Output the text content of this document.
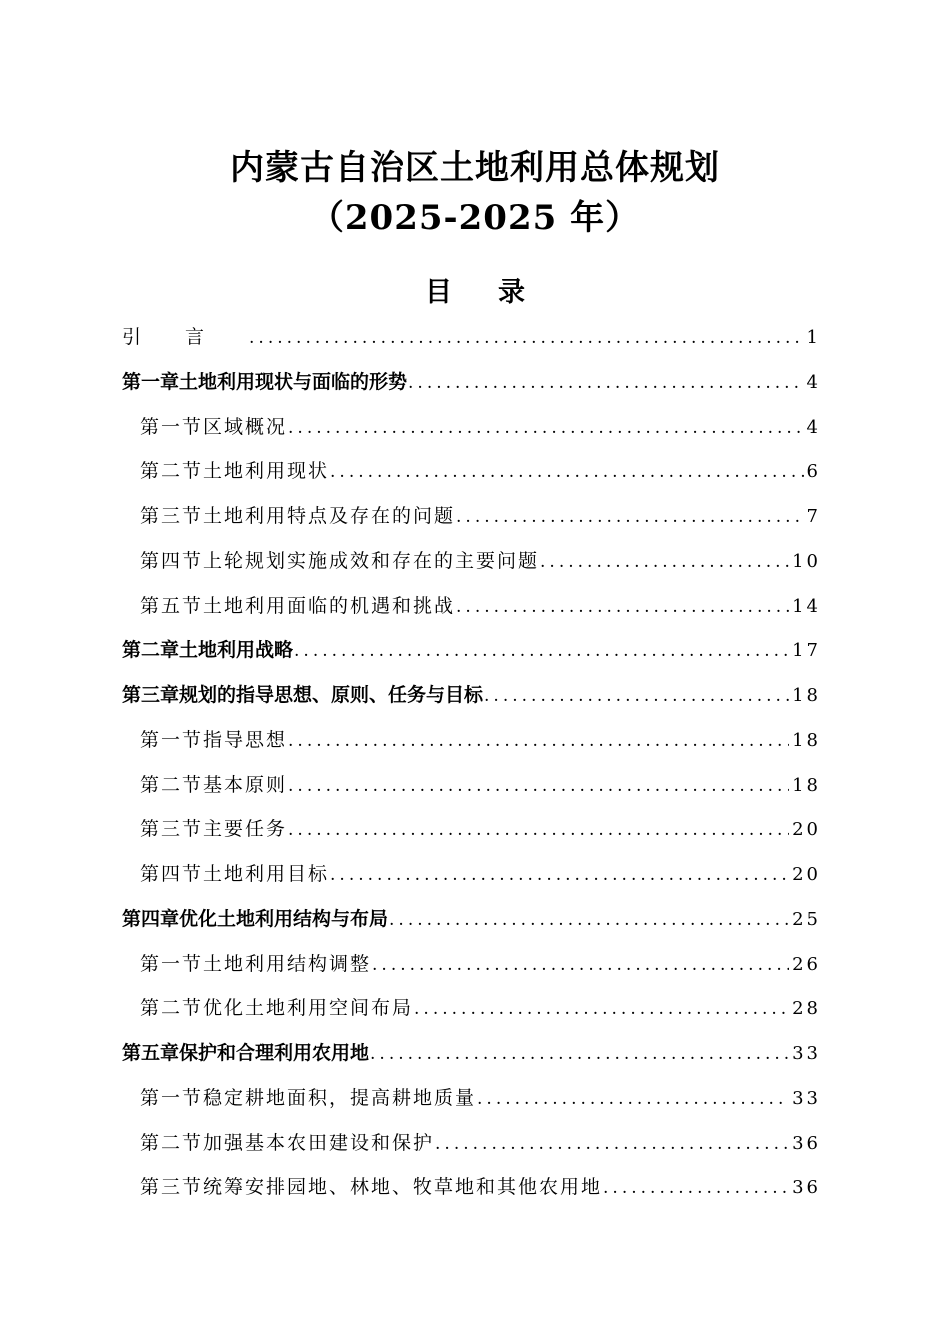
内蒙古自治区土地利用总体规划
（2025-2025 年）
目录
引言 .....	1
第一章 土地利用现状与面临的形势 .....	4
第一节 区域概况 .....	4
第二节 土地利用现状 .....	6
第三节 土地利用特点及存在的问题 .....	7
第四节 上轮规划实施成效和存在的主要问题 .....	10
第五节 土地利用面临的机遇和挑战 .....	14
第二章 土地利用战略 .....	17
第三章 规划的指导思想、原则、任务与目标 .....	18
第一节 指导思想 .....	18
第二节 基本原则 .....	18
第三节 主要任务 .....	20
第四节 土地利用目标 .....	20
第四章 优化土地利用结构与布局 .....	25
第一节 土地利用结构调整 .....	26
第二节 优化土地利用空间布局 .....	28
第五章 保护和合理利用农用地 .....	33
第一节 稳定耕地面积，提高耕地质量 .....	33
第二节 加强基本农田建设和保护 .....	36
第三节 统筹安排园地、林地、牧草地和其他农用地 .....	36
